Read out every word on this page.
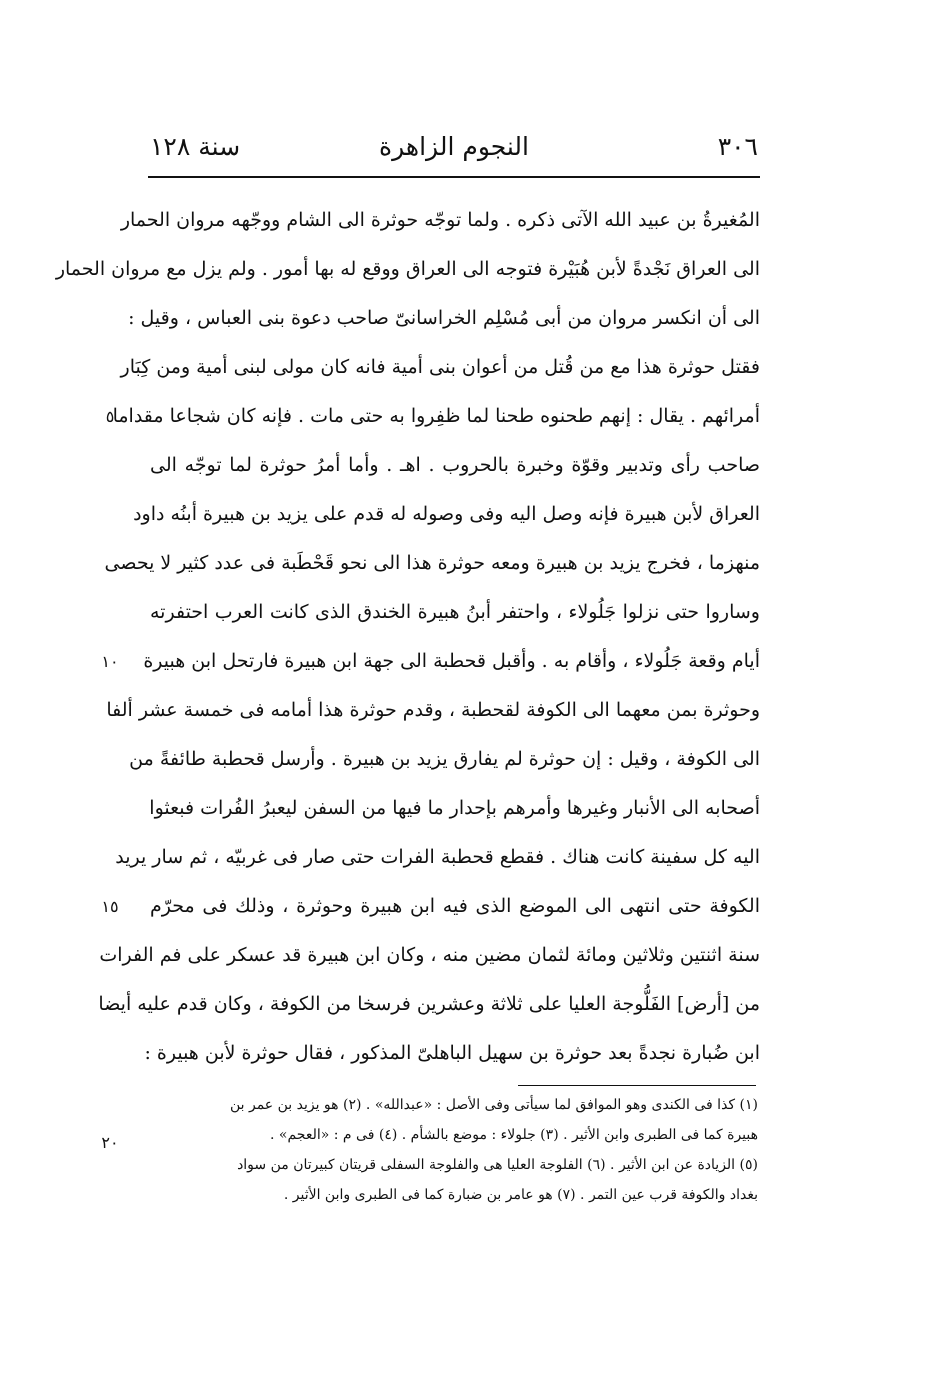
٣٠٦
النجوم الزاهرة
سنة ١٢٨
المُغيرةُ بن عبيد الله الآتى ذكره . ولما توجّه حوثرة الى الشام ووجّهه مروان الحمار
الى العراق نَجْدةً لأبن هُبَيْرة فتوجه الى العراق ووقع له بها أمور . ولم يزل مع مروان الحمار
الى أن انكسر مروان من أبى مُسْلِم الخراسانىّ صاحب دعوة بنى العباس ، وقيل :
فقتل حوثرة هذا مع من قُتل من أعوان بنى أمية فانه كان مولى لبنى أمية ومن كِبَار
أمرائهم . يقال : إنهم طحنوه طحنا لما ظفِروا به حتى مات . فإنه كان شجاعا مقداما
صاحب رأى وتدبير وقوّة وخبرة بالحروب . اهـ . وأما أمرُ حوثرة لما توجّه الى
العراق لأبن هبيرة فإنه وصل اليه وفى وصوله له قدم على يزيد بن هبيرة أبنُه داود
منهزما ، فخرج يزيد بن هبيرة ومعه حوثرة هذا الى نحو قَحْطَبة فى عدد كثير لا يحصى
وساروا حتى نزلوا جَلُولاء ، واحتفر أبنُ هبيرة الخندق الذى كانت العرب احتفرته
أيام وقعة جَلُولاء ، وأقام به . وأقبل قحطبة الى جهة ابن هبيرة فارتحل ابن هبيرة
وحوثرة بمن معهما الى الكوفة لقحطبة ، وقدم حوثرة هذا أمامه فى خمسة عشر ألفا
الى الكوفة ، وقيل : إن حوثرة لم يفارق يزيد بن هبيرة . وأرسل قحطبة طائفةً من
أصحابه الى الأنبار وغيرها وأمرهم بإحدار ما فيها من السفن ليعبرُ الفُرات فبعثوا
اليه كل سفينة كانت هناك . فقطع قحطبة الفرات حتى صار فى غربيّه ، ثم سار يريد
الكوفة حتى انتهى الى الموضع الذى فيه ابن هبيرة وحوثرة ، وذلك فى محرّم
سنة اثنتين وثلاثين ومائة لثمان مضين منه ، وكان ابن هبيرة قد عسكر على فم الفرات
من [أرض] الفَلُّوجة العليا على ثلاثة وعشرين فرسخا من الكوفة ، وكان قدم عليه أيضا
ابن ضُبارة نجدةً بعد حوثرة بن سهيل الباهلىّ المذكور ، فقال حوثرة لأبن هبيرة :
٥
١٠
١٥
٢٠
(١) كذا فى الكندى وهو الموافق لما سيأتى وفى الأصل : «عبدالله» . (٢) هو يزيد بن عمر بن
هبيرة كما فى الطبرى وابن الأثير . (٣) جلولاء : موضع بالشأم . (٤) فى م : «العجم» .
(٥) الزيادة عن ابن الأثير . (٦) الفلوجة العليا هى والفلوجة السفلى قريتان كبيرتان من سواد
بغداد والكوفة قرب عين التمر . (٧) هو عامر بن ضبارة كما فى الطبرى وابن الأثير .
